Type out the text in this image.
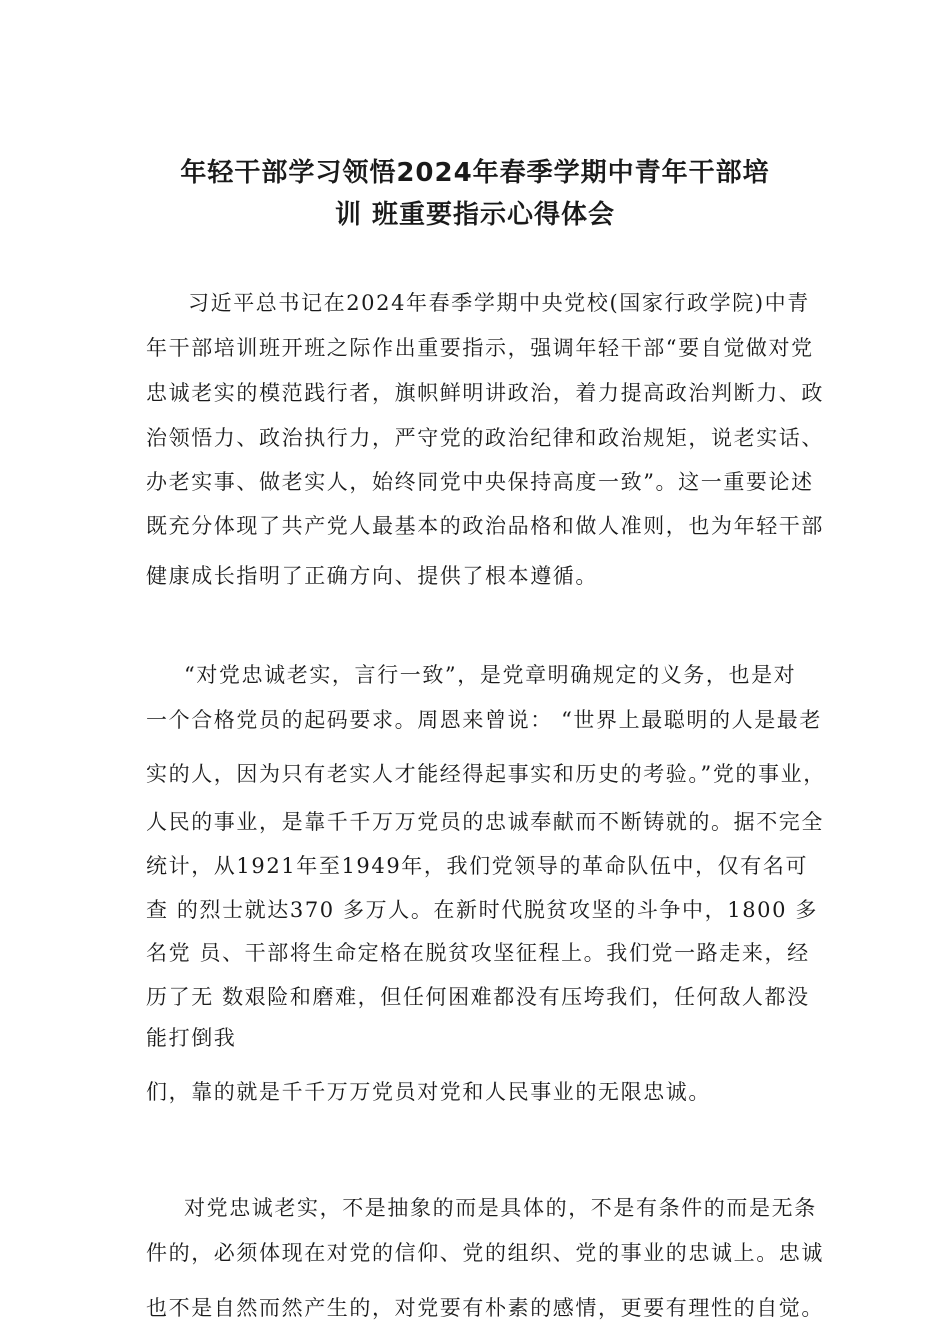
年轻干部学习领悟2024年春季学期中青年干部培
训 班重要指示心得体会
习近平总书记在2024年春季学期中央党校(国家行政学院)中青
年干部培训班开班之际作出重要指示，强调年轻干部“要自觉做对党
忠诚老实的模范践行者，旗帜鲜明讲政治，着力提高政治判断力、政
治领悟力、政治执行力，严守党的政治纪律和政治规矩，说老实话、
办老实事、做老实人，始终同党中央保持高度一致”。这一重要论述
既充分体现了共产党人最基本的政治品格和做人准则，也为年轻干部
健康成长指明了正确方向、提供了根本遵循。
“对党忠诚老实，言行一致”，是党章明确规定的义务，也是对
一个合格党员的起码要求。周恩来曾说： “世界上最聪明的人是最老
实的人，因为只有老实人才能经得起事实和历史的考验。”党的事业，
人民的事业，是靠千千万万党员的忠诚奉献而不断铸就的。据不完全
统计，从1921年至1949年，我们党领导的革命队伍中，仅有名可
查 的烈士就达370 多万人。在新时代脱贫攻坚的斗争中，1800 多
名党 员、干部将生命定格在脱贫攻坚征程上。我们党一路走来，经
历了无 数艰险和磨难，但任何困难都没有压垮我们，任何敌人都没
能打倒我
们，靠的就是千千万万党员对党和人民事业的无限忠诚。
对党忠诚老实，不是抽象的而是具体的，不是有条件的而是无条
件的，必须体现在对党的信仰、党的组织、党的事业的忠诚上。忠诚
也不是自然而然产生的，对党要有朴素的感情，更要有理性的自觉。
